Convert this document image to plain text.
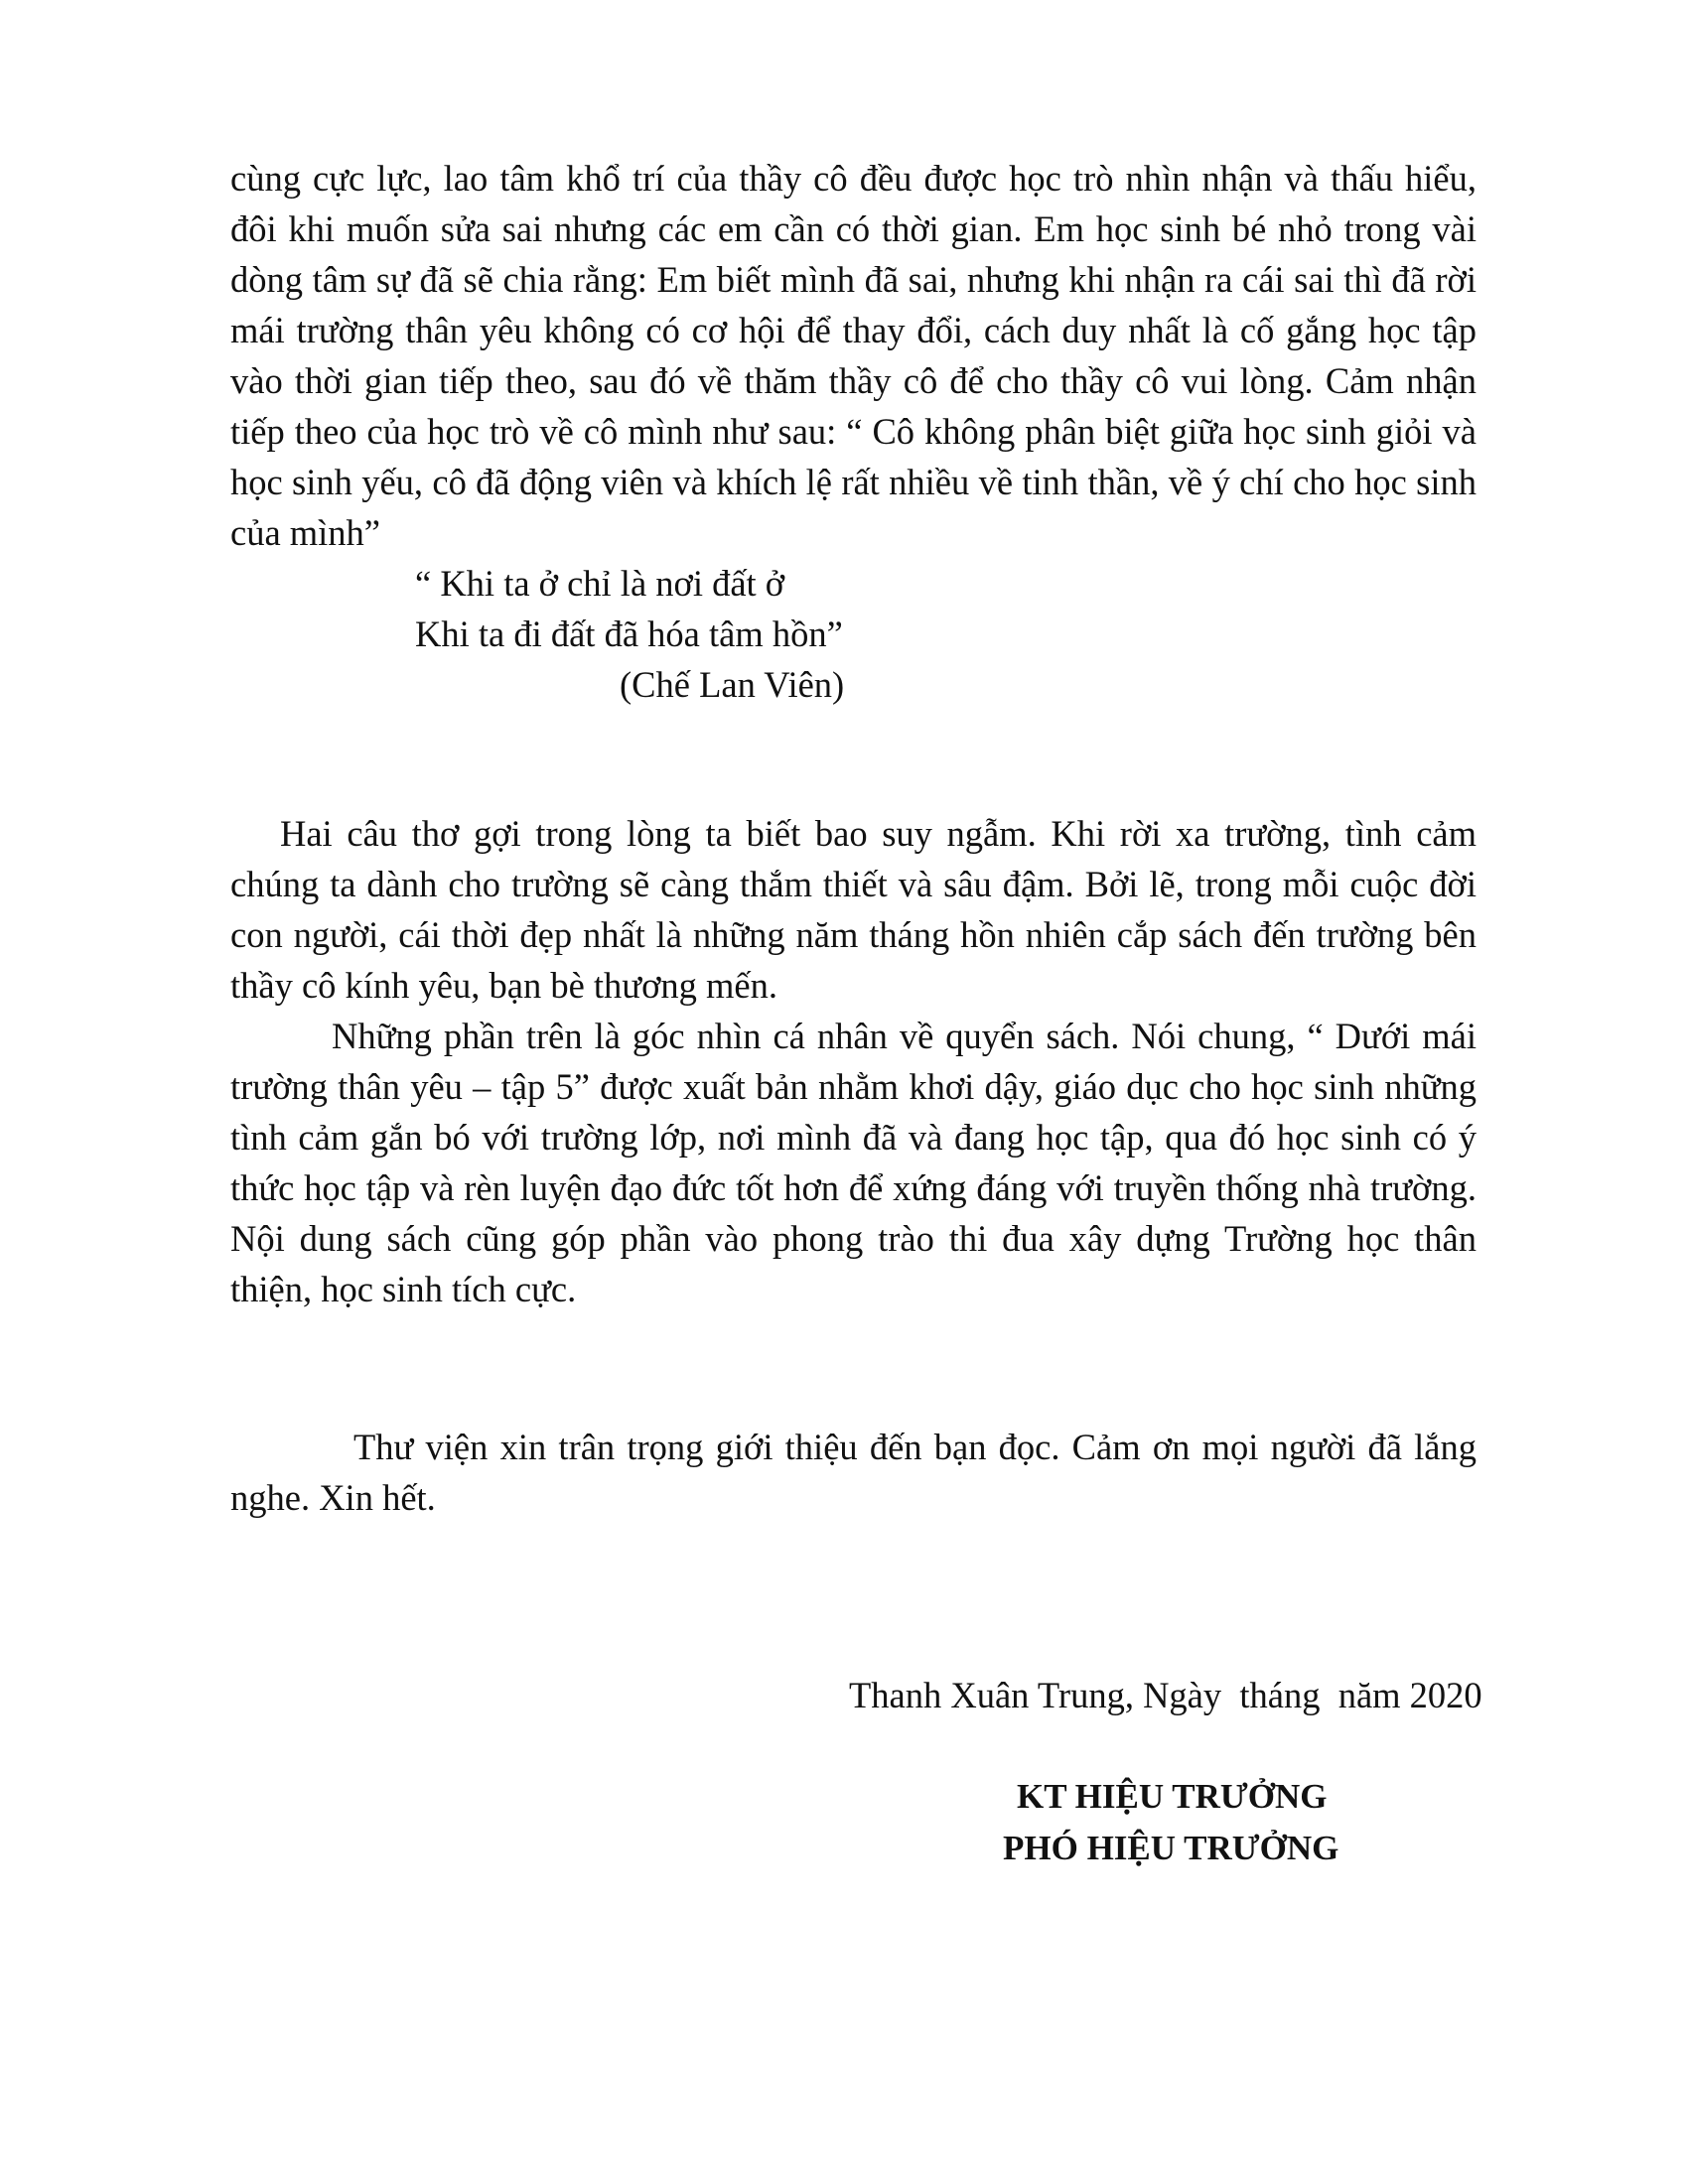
cùng cực lực, lao tâm khổ trí của thầy cô đều được học trò nhìn nhận và thấu hiểu, đôi khi muốn sửa sai nhưng các em cần có thời gian. Em học sinh bé nhỏ trong vài dòng tâm sự đã sẽ chia rằng: Em biết mình đã sai, nhưng khi nhận ra cái sai thì đã rời mái trường thân yêu không có cơ hội để thay đổi, cách duy nhất là cố gắng học tập vào thời gian tiếp theo, sau đó về thăm thầy cô để cho thầy cô vui lòng. Cảm nhận tiếp theo của học trò về cô mình như sau: “ Cô không phân biệt giữa học sinh giỏi và học sinh yếu, cô đã động viên và khích lệ rất nhiều về tinh thần, về ý chí cho học sinh của mình”

“ Khi ta ở chỉ là nơi đất ở
Khi ta đi đất đã hóa tâm hồn”
(Chế Lan Viên)

Hai câu thơ gợi trong lòng ta biết bao suy ngẫm. Khi rời xa trường, tình cảm chúng ta dành cho trường sẽ càng thắm thiết và sâu đậm. Bởi lẽ, trong mỗi cuộc đời con người, cái thời đẹp nhất là những năm tháng hồn nhiên cắp sách đến trường bên thầy cô kính yêu, bạn bè thương mến.

Những phần trên là góc nhìn cá nhân về quyển sách. Nói chung, “ Dưới mái trường thân yêu – tập 5” được xuất bản nhằm khơi dậy, giáo dục cho học sinh những tình cảm gắn bó với trường lớp, nơi mình đã và đang học tập, qua đó học sinh có ý thức học tập và rèn luyện đạo đức tốt hơn để xứng đáng với truyền thống nhà trường. Nội dung sách cũng góp phần vào phong trào thi đua xây dựng Trường học thân thiện, học sinh tích cực.

Thư viện xin trân trọng giới thiệu đến bạn đọc. Cảm ơn mọi người đã lắng nghe. Xin hết.

Thanh Xuân Trung, Ngày  tháng  năm 2020
KT HIỆU TRƯỞNG
PHÓ HIỆU TRƯỞNG
